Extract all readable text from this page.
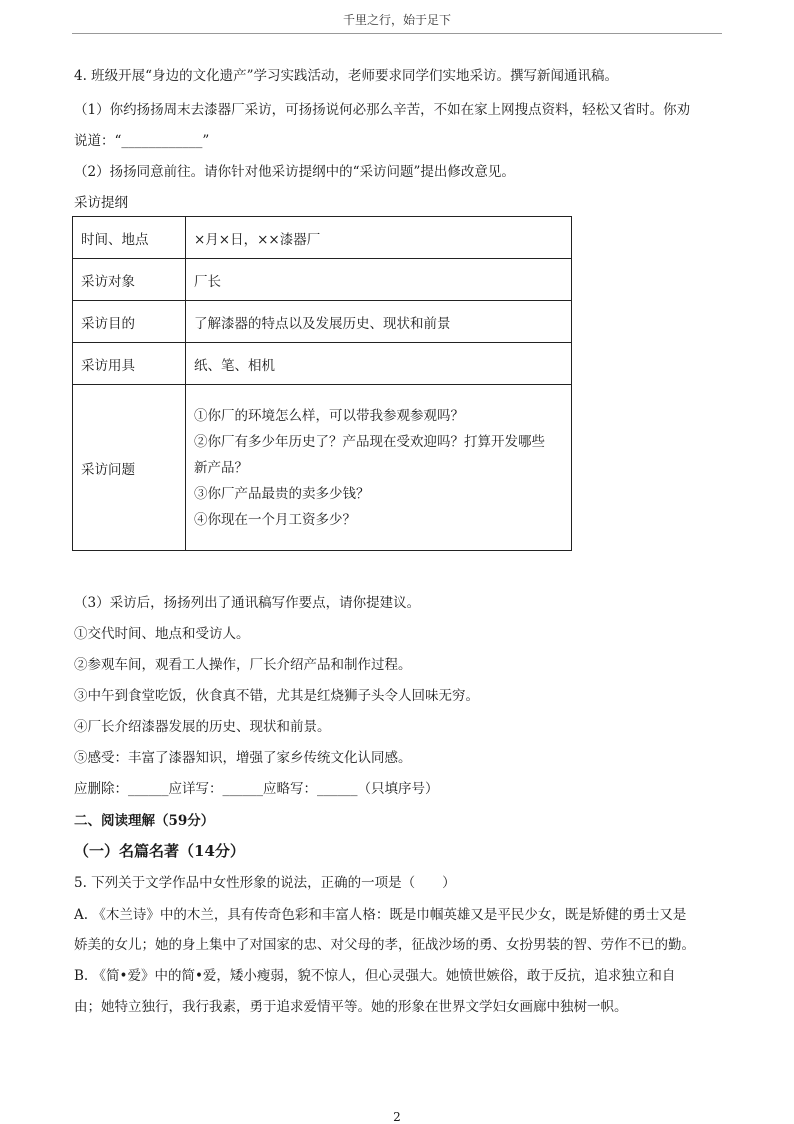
千里之行，始于足下
4. 班级开展“身边的文化遗产”学习实践活动，老师要求同学们实地采访。撰写新闻通讯稿。
（1）你约扬扬周末去漆器厂采访，可扬扬说何必那么辛苦，不如在家上网搜点资料，轻松又省时。你劝
说道：“____________”
（2）扬扬同意前往。请你针对他采访提纲中的“采访问题”提出修改意见。
采访提纲
时间、地点	×月×日，××漆器厂
采访对象	厂长
采访目的	了解漆器的特点以及发展历史、现状和前景
采访用具	纸、笔、相机
采访问题	①你厂的环境怎么样，可以带我参观参观吗？

②你厂有多少年历史了？产品现在受欢迎吗？打算开发哪些

新产品？

③你厂产品最贵的卖多少钱？

④你现在一个月工资多少？

（3）采访后，扬扬列出了通讯稿写作要点，请你提建议。
①交代时间、地点和受访人。
②参观车间，观看工人操作，厂长介绍产品和制作过程。
③中午到食堂吃饭，伙食真不错，尤其是红烧狮子头令人回味无穷。
④厂长介绍漆器发展的历史、现状和前景。
⑤感受：丰富了漆器知识，增强了家乡传统文化认同感。
应删除：______应详写：______应略写：______（只填序号）
二、阅读理解（59分）
（一）名篇名著（14分）
5. 下列关于文学作品中女性形象的说法，正确的一项是（　　）
A. 《木兰诗》中的木兰，具有传奇色彩和丰富人格：既是巾帼英雄又是平民少女，既是矫健的勇士又是
娇美的女儿；她的身上集中了对国家的忠、对父母的孝，征战沙场的勇、女扮男装的智、劳作不已的勤。
B. 《简•爱》中的简•爱，矮小瘦弱，貌不惊人，但心灵强大。她愤世嫉俗，敢于反抗，追求独立和自
由；她特立独行，我行我素，勇于追求爱情平等。她的形象在世界文学妇女画廊中独树一帜。
2
